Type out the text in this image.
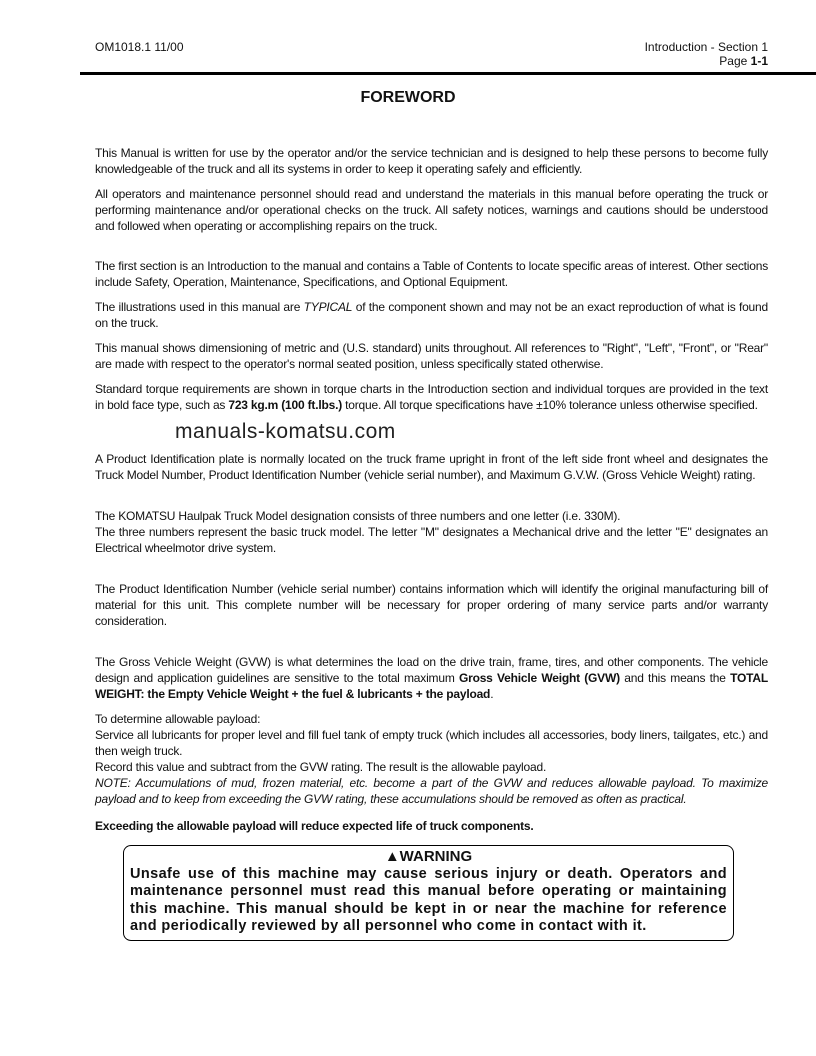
OM1018.1 11/00	Introduction - Section 1
Page 1-1
FOREWORD
This Manual is written for use by the operator and/or the service technician and is designed to help these persons to become fully knowledgeable of the truck and all its systems in order to keep it operating safely and efficiently.
All operators and maintenance personnel should read and understand the materials in this manual before operating the truck or performing maintenance and/or operational checks on the truck. All safety notices, warnings and cautions should be understood and followed when operating or accomplishing repairs on the truck.
The first section is an Introduction to the manual and contains a Table of Contents to locate specific areas of interest. Other sections include Safety, Operation, Maintenance, Specifications, and Optional Equipment.
The illustrations used in this manual are TYPICAL of the component shown and may not be an exact reproduction of what is found on the truck.
This manual shows dimensioning of metric and (U.S. standard) units throughout. All references to "Right", "Left", "Front", or "Rear" are made with respect to the operator's normal seated position, unless specifically stated otherwise.
Standard torque requirements are shown in torque charts in the Introduction section and individual torques are provided in the text in bold face type, such as 723 kg.m (100 ft.lbs.) torque. All torque specifications have ±10% tolerance unless otherwise specified.
manuals-komatsu.com
A Product Identification plate is normally located on the truck frame upright in front of the left side front wheel and designates the Truck Model Number, Product Identification Number (vehicle serial number), and Maximum G.V.W. (Gross Vehicle Weight) rating.
The KOMATSU Haulpak Truck Model designation consists of three numbers and one letter (i.e. 330M).
The three numbers represent the basic truck model. The letter "M" designates a Mechanical drive and the letter "E" designates an Electrical wheelmotor drive system.
The Product Identification Number (vehicle serial number) contains information which will identify the original manufacturing bill of material for this unit. This complete number will be necessary for proper ordering of many service parts and/or warranty consideration.
The Gross Vehicle Weight (GVW) is what determines the load on the drive train, frame, tires, and other components. The vehicle design and application guidelines are sensitive to the total maximum Gross Vehicle Weight (GVW) and this means the TOTAL WEIGHT: the Empty Vehicle Weight + the fuel & lubricants + the payload.
To determine allowable payload:
Service all lubricants for proper level and fill fuel tank of empty truck (which includes all accessories, body liners, tailgates, etc.) and then weigh truck.
Record this value and subtract from the GVW rating. The result is the allowable payload.
NOTE: Accumulations of mud, frozen material, etc. become a part of the GVW and reduces allowable payload. To maximize payload and to keep from exceeding the GVW rating, these accumulations should be removed as often as practical.
Exceeding the allowable payload will reduce expected life of truck components.
▲WARNING
Unsafe use of this machine may cause serious injury or death. Operators and maintenance personnel must read this manual before operating or maintaining this machine. This manual should be kept in or near the machine for reference and periodically reviewed by all personnel who come in contact with it.
